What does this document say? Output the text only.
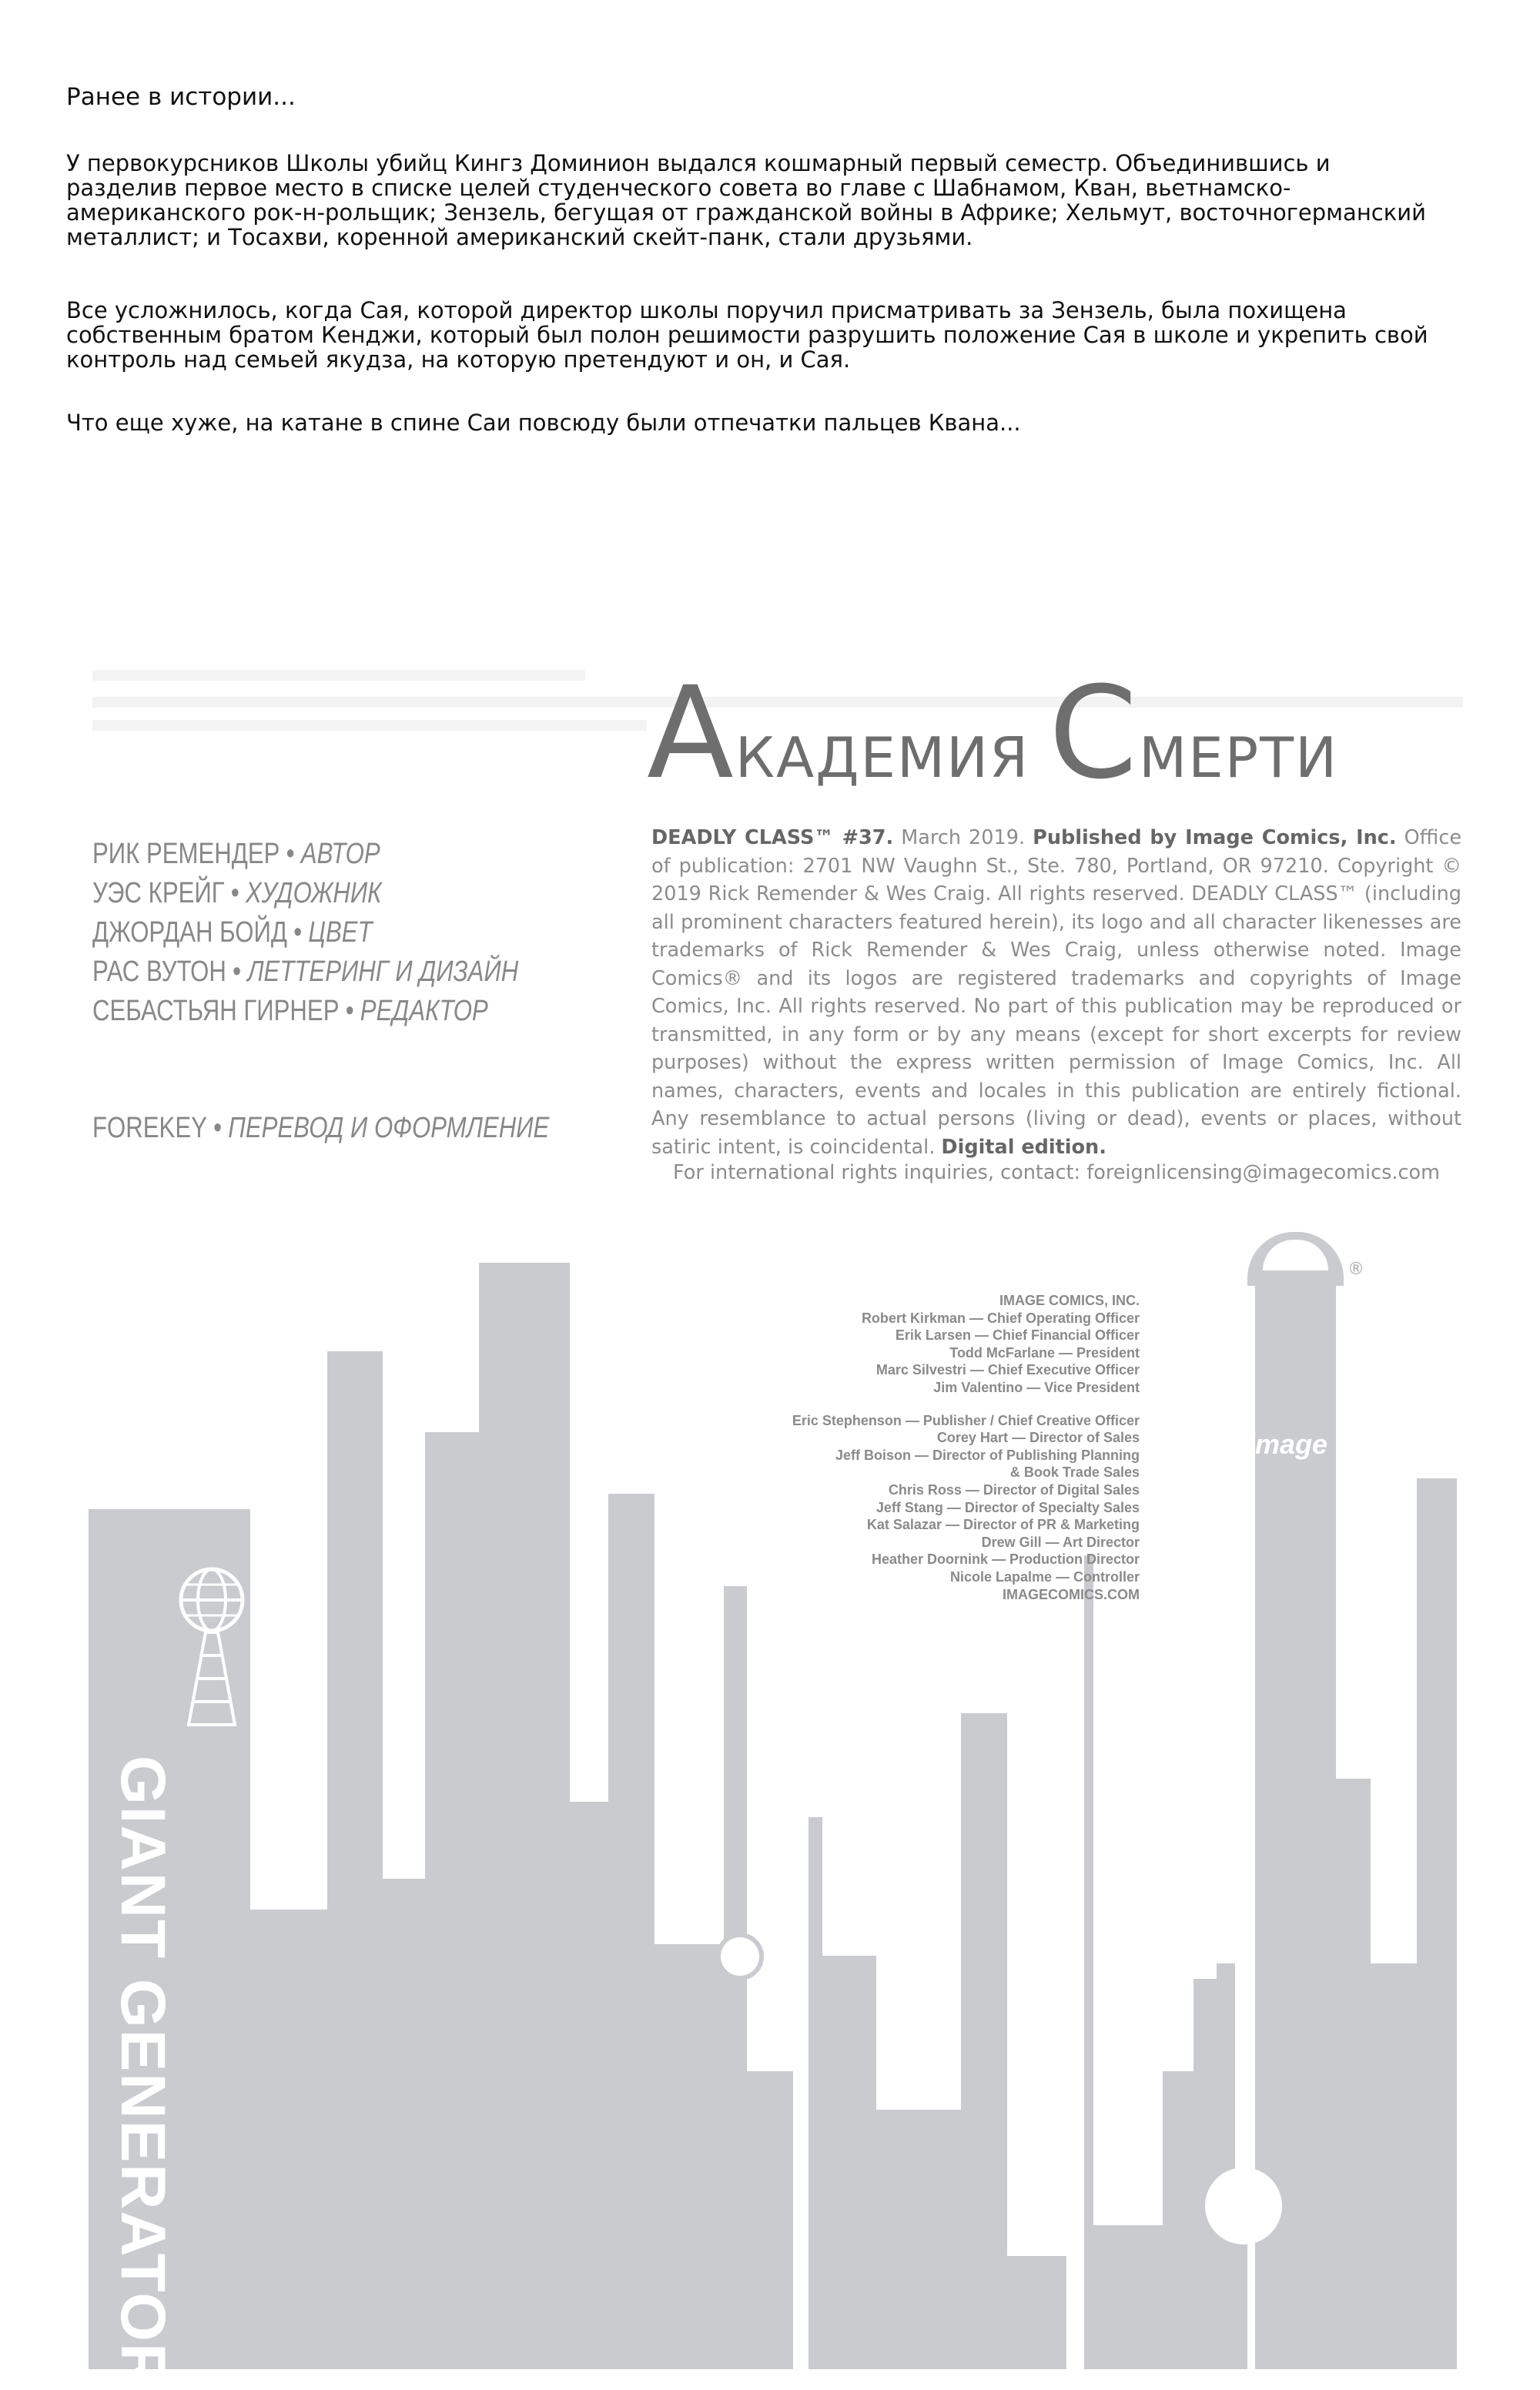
Ранее в истории...
У первокурсников Школы убийц Кингз Доминион выдался кошмарный первый семестр. Объединившись и разделив первое место в списке целей студенческого совета во главе с Шабнамом, Кван, вьетнамско-американского рок-н-рольщик; Зензель, бегущая от гражданской войны в Африке; Хельмут, восточногерманский металлист; и Тосахви, коренной американский скейт-панк, стали друзьями.
Все усложнилось, когда Сая, которой директор школы поручил присматривать за Зензель, была похищена собственным братом Кенджи, который был полон решимости разрушить положение Сая в школе и укрепить свой контроль над семьей якудза, на которую претендуют и он, и Сая.
Что еще хуже, на катане в спине Саи повсюду были отпечатки пальцев Квана...
АКАДЕМИЯ СМЕРТИ
РИК РЕМЕНДЕР • АВТОР
УЭС КРЕЙГ • ХУДОЖНИК
ДЖОРДАН БОЙД • ЦВЕТ
РАС ВУТОН • ЛЕТТЕРИНГ И ДИЗАЙН
СЕБАСТЬЯН ГИРНЕР • РЕДАКТОР
FOREKEY • ПЕРЕВОД И ОФОРМЛЕНИЕ
DEADLY CLASS™ #37. March 2019. Published by Image Comics, Inc. Office of publication: 2701 NW Vaughn St., Ste. 780, Portland, OR 97210. Copyright © 2019 Rick Remender & Wes Craig. All rights reserved. DEADLY CLASS™ (including all prominent characters featured herein), its logo and all character likenesses are trademarks of Rick Remender & Wes Craig, unless otherwise noted. Image Comics® and its logos are registered trademarks and copyrights of Image Comics, Inc. All rights reserved. No part of this publication may be reproduced or transmitted, in any form or by any means (except for short excerpts for review purposes) without the express written permission of Image Comics, Inc. All names, characters, events and locales in this publication are entirely fictional. Any resemblance to actual persons (living or dead), events or places, without satiric intent, is coincidental. Digital edition.
For international rights inquiries, contact: foreignlicensing@imagecomics.com
image
®
GIANT GENERATOR
IMAGE COMICS, INC.
Robert Kirkman — Chief Operating Officer
Erik Larsen — Chief Financial Officer
Todd McFarlane — President
Marc Silvestri — Chief Executive Officer
Jim Valentino — Vice President
Eric Stephenson — Publisher / Chief Creative Officer
Corey Hart — Director of Sales
Jeff Boison — Director of Publishing Planning
& Book Trade Sales
Chris Ross — Director of Digital Sales
Jeff Stang — Director of Specialty Sales
Kat Salazar — Director of PR & Marketing
Drew Gill — Art Director
Heather Doornink — Production Director
Nicole Lapalme — Controller
IMAGECOMICS.COM
